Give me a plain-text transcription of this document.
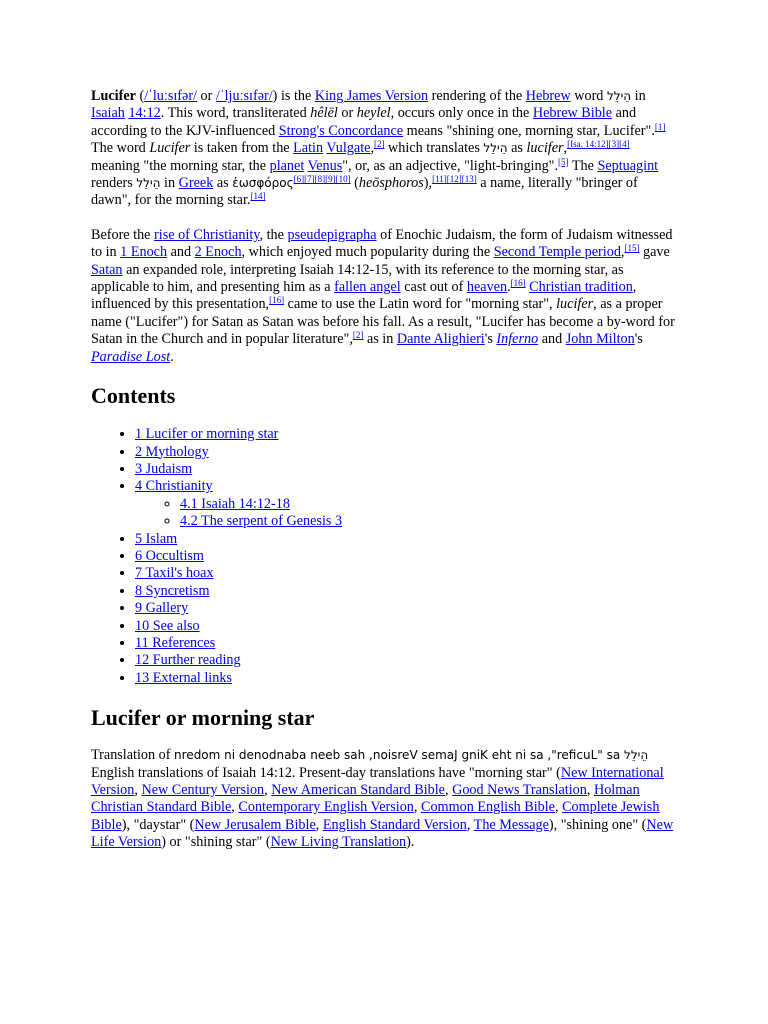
Lucifer (/ˈluːsɪfər/ or /ˈljuːsɪfər/) is the King James Version rendering of the Hebrew word הֵילֵל in Isaiah 14:12. This word, transliterated hêlēl or heylel, occurs only once in the Hebrew Bible and according to the KJV-influenced Strong's Concordance means "shining one, morning star, Lucifer".[1] The word Lucifer is taken from the Latin Vulgate,[2] which translates הֵילֵל as lucifer,[Isa. 14:12][3][4] meaning "the morning star, the planet Venus", or, as an adjective, "light-bringing".[5] The Septuagint renders הֵילֵל in Greek as ἑωσφόρος[6][7][8][9][10] (heōsphoros),[11][12][13] a name, literally "bringer of dawn", for the morning star.[14]

Before the rise of Christianity, the pseudepigrapha of Enochic Judaism, the form of Judaism witnessed to in 1 Enoch and 2 Enoch, which enjoyed much popularity during the Second Temple period,[15] gave Satan an expanded role, interpreting Isaiah 14:12-15, with its reference to the morning star, as applicable to him, and presenting him as a fallen angel cast out of heaven.[16] Christian tradition, influenced by this presentation,[16] came to use the Latin word for "morning star", lucifer, as a proper name ("Lucifer") for Satan as Satan was before his fall. As a result, "Lucifer has become a by-word for Satan in the Church and in popular literature",[2] as in Dante Alighieri's Inferno and John Milton's Paradise Lost.

Contents
• 1 Lucifer or morning star
• 2 Mythology
• 3 Judaism
• 4 Christianity
◦ 4.1 Isaiah 14:12-18
◦ 4.2 The serpent of Genesis 3
• 5 Islam
• 6 Occultism
• 7 Taxil's hoax
• 8 Syncretism
• 9 Gallery
• 10 See also
• 11 References
• 12 Further reading
• 13 External links
Lucifer or morning star

Translation of הֵילֵל as "Lucifer", as in the King James Version, has been abandoned in modern English translations of Isaiah 14:12. Present-day translations have "morning star" (New International Version, New Century Version, New American Standard Bible, Good News Translation, Holman Christian Standard Bible, Contemporary English Version, Common English Bible, Complete Jewish Bible), "daystar" (New Jerusalem Bible, English Standard Version, The Message), "shining one" (New Life Version) or "shining star" (New Living Translation).
